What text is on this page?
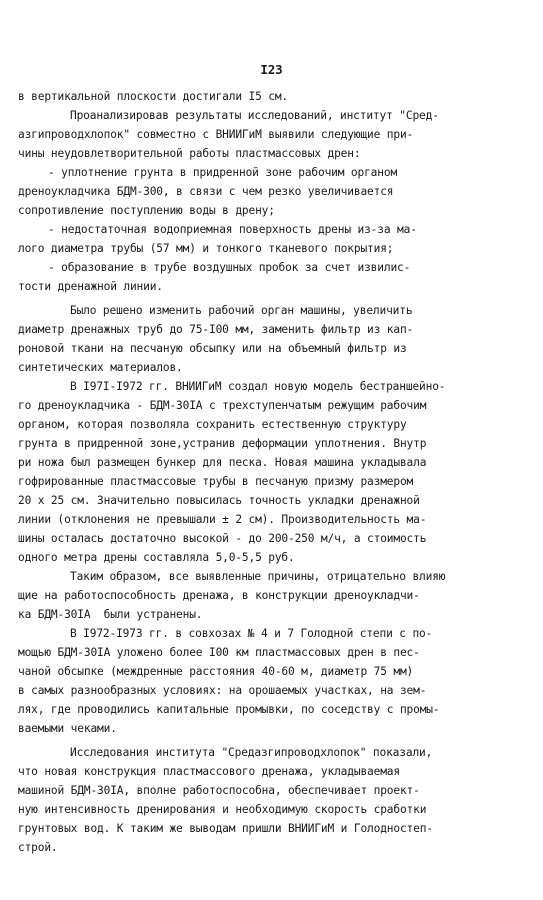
I23
в вертикальной плоскости достигали I5 см.
Проанализировав результаты исследований, институт "Сред-
азгипроводхлопок" совместно с ВНИИГиМ выявили следующие при-
чины неудовлетворительной работы пластмассовых дрен:
- уплотнение грунта в придренной зоне рабочим органом
дреноукладчика БДМ-300, в связи с чем резко увеличивается
сопротивление поступлению воды в дрену;
- недостаточная водоприемная поверхность дрены из-за ма-
лого диаметра трубы (57 мм) и тонкого тканевого покрытия;
- образование в трубе воздушных пробок за счет извилис-
тости дренажной линии.
Было решено изменить рабочий орган машины, увеличить
диаметр дренажных труб до 75-I00 мм, заменить фильтр из кап-
роновой ткани на песчаную обсыпку или на объемный фильтр из
синтетических материалов.
В I97I-I972 гг. ВНИИГиМ создал новую модель бестраншейно-
го дреноукладчика - БДМ-30IA с трехступенчатым режущим рабочим
органом, которая позволяла сохранить естественную структуру
грунта в придренной зоне,устранив деформации уплотнения. Внутр
ри ножа был размещен бункер для песка. Новая машина укладывала
гофрированные пластмассовые трубы в песчаную призму размером
20 х 25 см. Значительно повысилась точность укладки дренажной
линии (отклонения не превышали ± 2 см). Производительность ма-
шины осталась достаточно высокой - до 200-250 м/ч, а стоимость
одного метра дрены составляла 5,0-5,5 руб.
Таким образом, все выявленные причины, отрицательно влияю
щие на работоспособность дренажа, в конструкции дреноукладчи-
ка БДМ-30IA  были устранены.
В I972-I973 гг. в совхозах № 4 и 7 Голодной степи с по-
мощью БДМ-30IA уложено более I00 км пластмассовых дрен в пес-
чаной обсыпке (междренные расстояния 40-60 м, диаметр 75 мм)
в самых разнообразных условиях: на орошаемых участках, на зем-
лях, где проводились капитальные промывки, по соседству с промы-
ваемыми чеками.
Исследования института "Средазгипроводхлопок" показали,
что новая конструкция пластмассового дренажа, укладываемая
машиной БДМ-30IA, вполне работоспособна, обеспечивает проект-
ную интенсивность дренирования и необходимую скорость сработки
грунтовых вод. К таким же выводам пришли ВНИИГиМ и Голодностеп-
строй.
